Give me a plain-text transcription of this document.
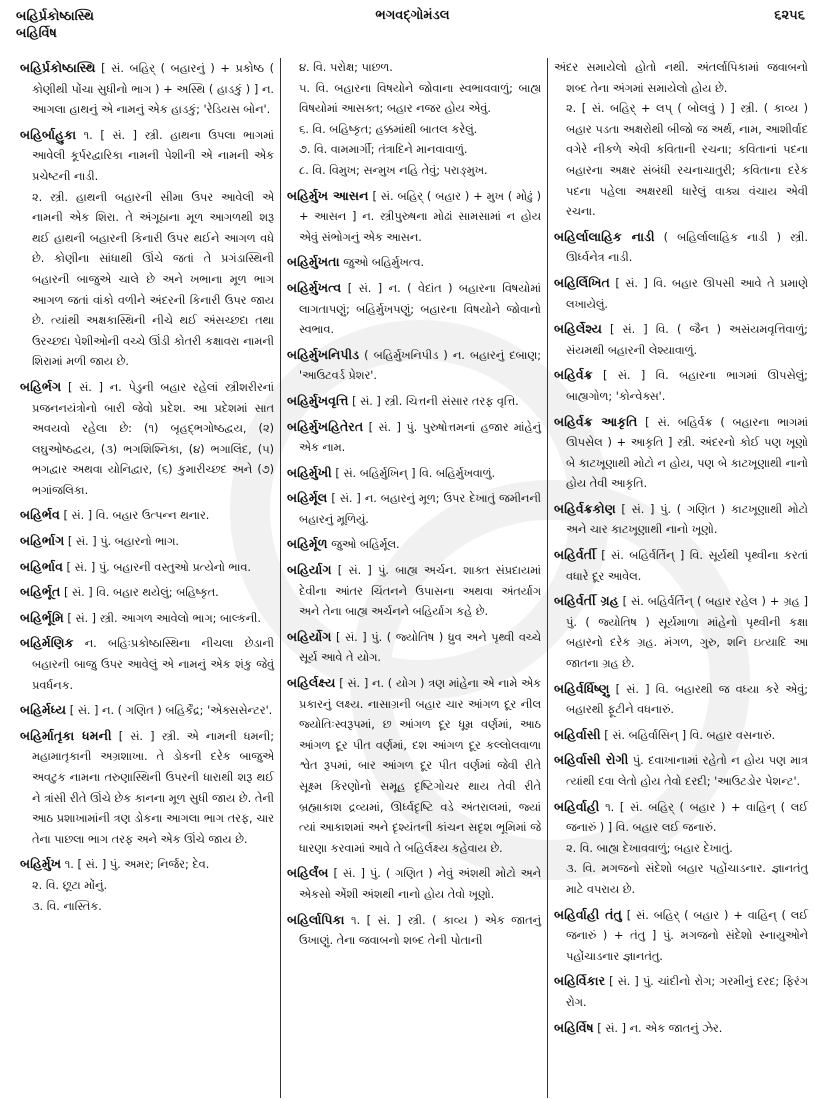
બહિર્પ્રકોષ્ઠાસ્થિ
બહિર્વિષ
ભગવદ્ગોમંડલ	૬૨૫૬
બહિર્પ્રકોષ્ઠાસ્થિ [ સં. બહિર્ ( બહારનું ) + પ્રકોષ્ઠ ( કોણીથી પોંચા સુધીનો ભાગ ) + અસ્થિ ( હાડકું ) ] ન. આગલા હાથનું એ નામનું એક હાડકું; 'રેડિયસ બોન'.
બહિર્બાહુકા ૧. [ સં. ] સ્ત્રી. હાથના ઉપલા ભાગમાં આવેલી કૂર્પરદ્વારિકા નામની પેશીની એ નામની એક પ્રચેષ્ટની નાડી.
૨. સ્ત્રી. હાથની બહારની સીમા ઉપર આવેલી એ નામની એક શિરા. તે અંગૂઠાના મૂળ આગળથી શરૂ થઈ હાથની બહારની કિનારી ઉપર થઈને આગળ વધે છે. કોણીના સાંધાથી ઊંચે જતાં તે પ્રગંડાસ્થિની બહારની બાજુએ ચાલે છે અને ખભાના મૂળ ભાગ આગળ જતાં વાંકો વળીને અંદરની કિનારી ઉપર જાય છે. ત્યાંથી અક્ષકાસ્થિની નીચે થઈ અંસચ્છદા તથા ઉરચ્છદા પેશીઓની વચ્ચે ઊંડી કોતરી કક્ષાવરા નામની શિરામાં મળી જાય છે.
બહિર્ભગ [ સં. ] ન. પેડુની બહાર રહેલાં સ્ત્રીશરીરનાં પ્રજનનયંત્રોનો બારી જેવો પ્રદેશ. આ પ્રદેશમાં સાત અવયવો રહેલા છે: (૧) બૃહદ્ભગોષ્ઠદ્વય, (૨) લઘુઓષ્ઠદ્વય, (૩) ભગશિશ્નિકા, (૪) ભગાલિંદ, (૫) ભગદ્વાર અથવા યોનિદ્વાર, (૬) કુમારીચ્છદ અને (૭) ભગાંજલિકા.
બહિર્ભવ [ સં. ] વિ. બહાર ઉત્પન્ન થનાર.
બહિર્ભાગ [ સં. ] પું. બહારનો ભાગ.
બહિર્ભાવ [ સં. ] પું. બહારની વસ્તુઓ પ્રત્યેનો ભાવ.
બહિર્ભૂત [ સં. ] વિ. બહાર થયેલું; બહિષ્કૃત.
બહિર્ભૂમિ [ સં. ] સ્ત્રી. આગળ આવેલો ભાગ; બાલ્કની.
બહિર્મણિક ન. બહિઃપ્રકોષ્ઠાસ્થિના નીચલા છેડાની બહારની બાજુ ઉપર આવેલું એ નામનું એક શંકુ જેવું પ્રવર્ધનક.
બહિર્મધ્ય [ સં. ] ન. ( ગણિત ) બહિર્કેંદ્ર; 'એક્સસેન્ટર'.
બહિર્માતૃકા ધમની [ સં. ] સ્ત્રી. એ નામની ધમની; મહામાતૃકાની અગ્રશાખા. તે ડોકની દરેક બાજુએ અવટુક નામના તરુણાસ્થિની ઉપરની ધારાથી શરૂ થઈ ને ત્રાંસી રીતે ઊંચે છેક કાનના મૂળ સુધી જાય છે. તેની આઠ પ્રશાખામાંની ત્રણ ડોકના આગલા ભાગ તરફ, ચાર તેના પાછલા ભાગ તરફ અને એક ઊંચે જાય છે.
બહિર્મુખ ૧. [ સં. ] પું. અમર; નિર્જર; દેવ.
૨. વિ. છૂટા મોંનું.
૩. વિ. નાસ્તિક.
૪. વિ. પરોક્ષ; પાછળ.
૫. વિ. બહારના વિષયોને જોવાના સ્વભાવવાળું; બાહ્ય વિષયોમાં આસક્ત; બહાર નજર હોય એવું.
૬. વિ. બહિષ્કૃત; હક્કમાંથી બાતલ કરેલું.
૭. વિ. વામમાર્ગી; તંત્રાદિને માનવાવાળું.
૮. વિ. વિમુખ; સન્મુખ નહિ તેવું; પરાઙ્મુખ.
બહિર્મુખ આસન [ સં. બહિર્ ( બહાર ) + મુખ ( મોઢું ) + આસન ] ન. સ્ત્રીપુરુષના મોઢાં સામસામાં ન હોય એવું સંભોગનું એક આસન.
બહિર્મુખતા જુઓ બહિર્મુખત્વ.
બહિર્મુખત્વ [ સં. ] ન. ( વેદાંત ) બહારના વિષયોમાં લાગતાપણું; બહિર્મુખપણું; બહારના વિષયોને જોવાનો સ્વભાવ.
બહિર્મુખનિપીડ ( બહિર્મુખનિપીડ ) ન. બહારનું દબાણ; 'આઉટવર્ડ પ્રેશર'.
બહિર્મુખવૃત્તિ [ સં. ] સ્ત્રી. ચિત્તની સંસાર તરફ વૃત્તિ.
બહિર્મુખહિતેરત [ સં. ] પું. પુરુષોત્તમનાં હજાર માંહેનું એક નામ.
બહિર્મુખી [ સં. બહિર્મુખિન્ ] વિ. બહિર્મુખવાળું.
બહિર્મૂલ [ સં. ] ન. બહારનું મૂળ; ઉપર દેખાતું જમીનની બહારનું મૂળિયું.
બહિર્મૂળ જુઓ બહિર્મૂલ.
બહિર્યાગ [ સં. ] પું. બાહ્ય અર્ચન. શાક્ત સંપ્રદાયમાં દેવીના આંતર ચિંતનને ઉપાસના અથવા અંતર્યાગ અને તેના બાહ્ય અર્ચનને બહિર્યાગ કહે છે.
બહિર્યોગ [ સં. ] પું. ( જ્યોતિષ ) ધ્રુવ અને પૃથ્વી વચ્ચે સૂર્ય આવે તે યોગ.
બહિર્લક્ષ્ય [ સં. ] ન. ( યોગ ) ત્રણ માંહેના એ નામે એક પ્રકારનું લક્ષ્ય. નાસાગ્રની બહાર ચાર આંગળ દૂર નીલ જ્યોતિઃસ્વરૂપમાં, છ આંગળ દૂર ધૂમ્ર વર્ણમાં, આઠ આંગળ દૂર પીત વર્ણમાં, દશ આંગળ દૂર કલ્લોલવાળા શ્વેત રૂપમાં, બાર આંગળ દૂર પીત વર્ણમાં જેવી રીતે સૂક્ષ્મ કિરણોનો સમૂહ દૃષ્ટિગોચર થાય તેવી રીતે બ્રહ્માકાશ દ્રવ્યમાં, ઊર્ધ્વદૃષ્ટિ વડે અંતરાલમાં, જ્યાં ત્યાં આકાશમાં અને દૃશ્યંતની કાંચન સદૃશ ભૂમિમાં જે ધારણા કરવામાં આવે તે બહિર્લક્ષ્ય કહેવાય છે.
બહિર્લંબ [ સં. ] પું. ( ગણિત ) નેવું અંશથી મોટો અને એકસો એંશી અંશથી નાનો હોય તેવો ખૂણો.
બહિર્લાપિકા ૧. [ સં. ] સ્ત્રી. ( કાવ્ય ) એક જાતનું ઉખાણું. તેના જવાબનો શબ્દ તેની પોતાની
અંદર સમાયેલો હોતો નથી. અંતર્લાપિકામાં જવાબનો શબ્દ તેના અંગમાં સમાયેલો હોય છે.
૨. [ સં. બહિર્ + લપ્ ( બોલવું ) ] સ્ત્રી. ( કાવ્ય ) બહાર પડતા અક્ષરોથી બીજો જ અર્થ, નામ, આશીર્વાદ વગેરે નીકળે એવી કવિતાની રચના; કવિતાનાં પદના બહારના અક્ષર સંબંધી રચનાચાતુરી; કવિતાના દરેક પદના પહેલા અક્ષરથી ધારેલું વાક્ય વંચાય એવી રચના.
બહિર્લાલાહિક નાડી ( બહિર્લાલાહિક નાડી ) સ્ત્રી. ઊર્ધ્વનેત્ર નાડી.
બહિર્લિખિત [ સં. ] વિ. બહાર ઊપસી આવે તે પ્રમાણે લખાયેલું.
બહિર્લેશ્ય [ સં. ] વિ. ( જૈન ) અસંયમવૃત્તિવાળું; સંયમથી બહારની લેશ્યાવાળું.
બહિર્વક્ર [ સં. ] વિ. બહારના ભાગમાં ઊપસેલું; બાહ્યગોળ; 'કોન્વેક્સ'.
બહિર્વક્ર આકૃતિ [ સં. બહિર્વક્ર ( બહારના ભાગમાં ઊપસેલ ) + આકૃતિ ] સ્ત્રી. અંદરનો કોઈ પણ ખૂણો બે કાટખૂણાથી મોટો ન હોય, પણ બે કાટખૂણાથી નાનો હોય તેવી આકૃતિ.
બહિર્વક્રકોણ [ સં. ] પું. ( ગણિત ) કાટખૂણાથી મોટો અને ચાર કાટખૂણાથી નાનો ખૂણો.
બહિર્વર્તી [ સં. બહિર્વર્તિન્ ] વિ. સૂર્યથી પૃથ્વીના કરતાં વધારે દૂર આવેલ.
બહિર્વર્તી ગ્રહ [ સં. બહિર્વર્તિન્ ( બહાર રહેલ ) + ગ્રહ ] પું. ( જ્યોતિષ ) સૂર્યમાળા માંહેનો પૃથ્વીની કક્ષા બહારનો દરેક ગ્રહ. મંગળ, ગુરુ, શનિ ઇત્યાદિ આ જાતના ગ્રહ છે.
બહિર્વર્ધિષ્ણુ [ સં. ] વિ. બહારથી જ વધ્યા કરે એવું; બહારથી ફૂટીને વધનારું.
બહિર્વાસી [ સં. બહિર્વાસિન્ ] વિ. બહાર વસનારું.
બહિર્વાસી રોગી પું. દવાખાનામાં રહેતો ન હોય પણ માત્ર ત્યાંથી દવા લેતો હોય તેવો દરદી; 'આઉટડોર પેશન્ટ'.
બહિર્વાહી ૧. [ સં. બહિર્ ( બહાર ) + વાહિન્ ( લઈ જનારું ) ] વિ. બહાર લઈ જનારું.
૨. વિ. બાહ્ય દેખાવવાળું; બહાર દેખાતું.
૩. વિ. મગજનો સંદેશો બહાર પહોંચાડનાર. જ્ઞાનતંતુ માટે વપરાય છે.
બહિર્વાહી તંતુ [ સં. બહિર્ ( બહાર ) + વાહિન્ ( લઈ જનારું ) + તંતુ ] પું. મગજનો સંદેશો સ્નાયુઓને પહોંચાડનાર જ્ઞાનતંતુ.
બહિર્વિકાર [ સં. ] પું. ચાંદીનો રોગ; ગરમીનું દરદ; ફિરંગ રોગ.
બહિર્વિષ [ સં. ] ન. એક જાતનું ઝેર.
